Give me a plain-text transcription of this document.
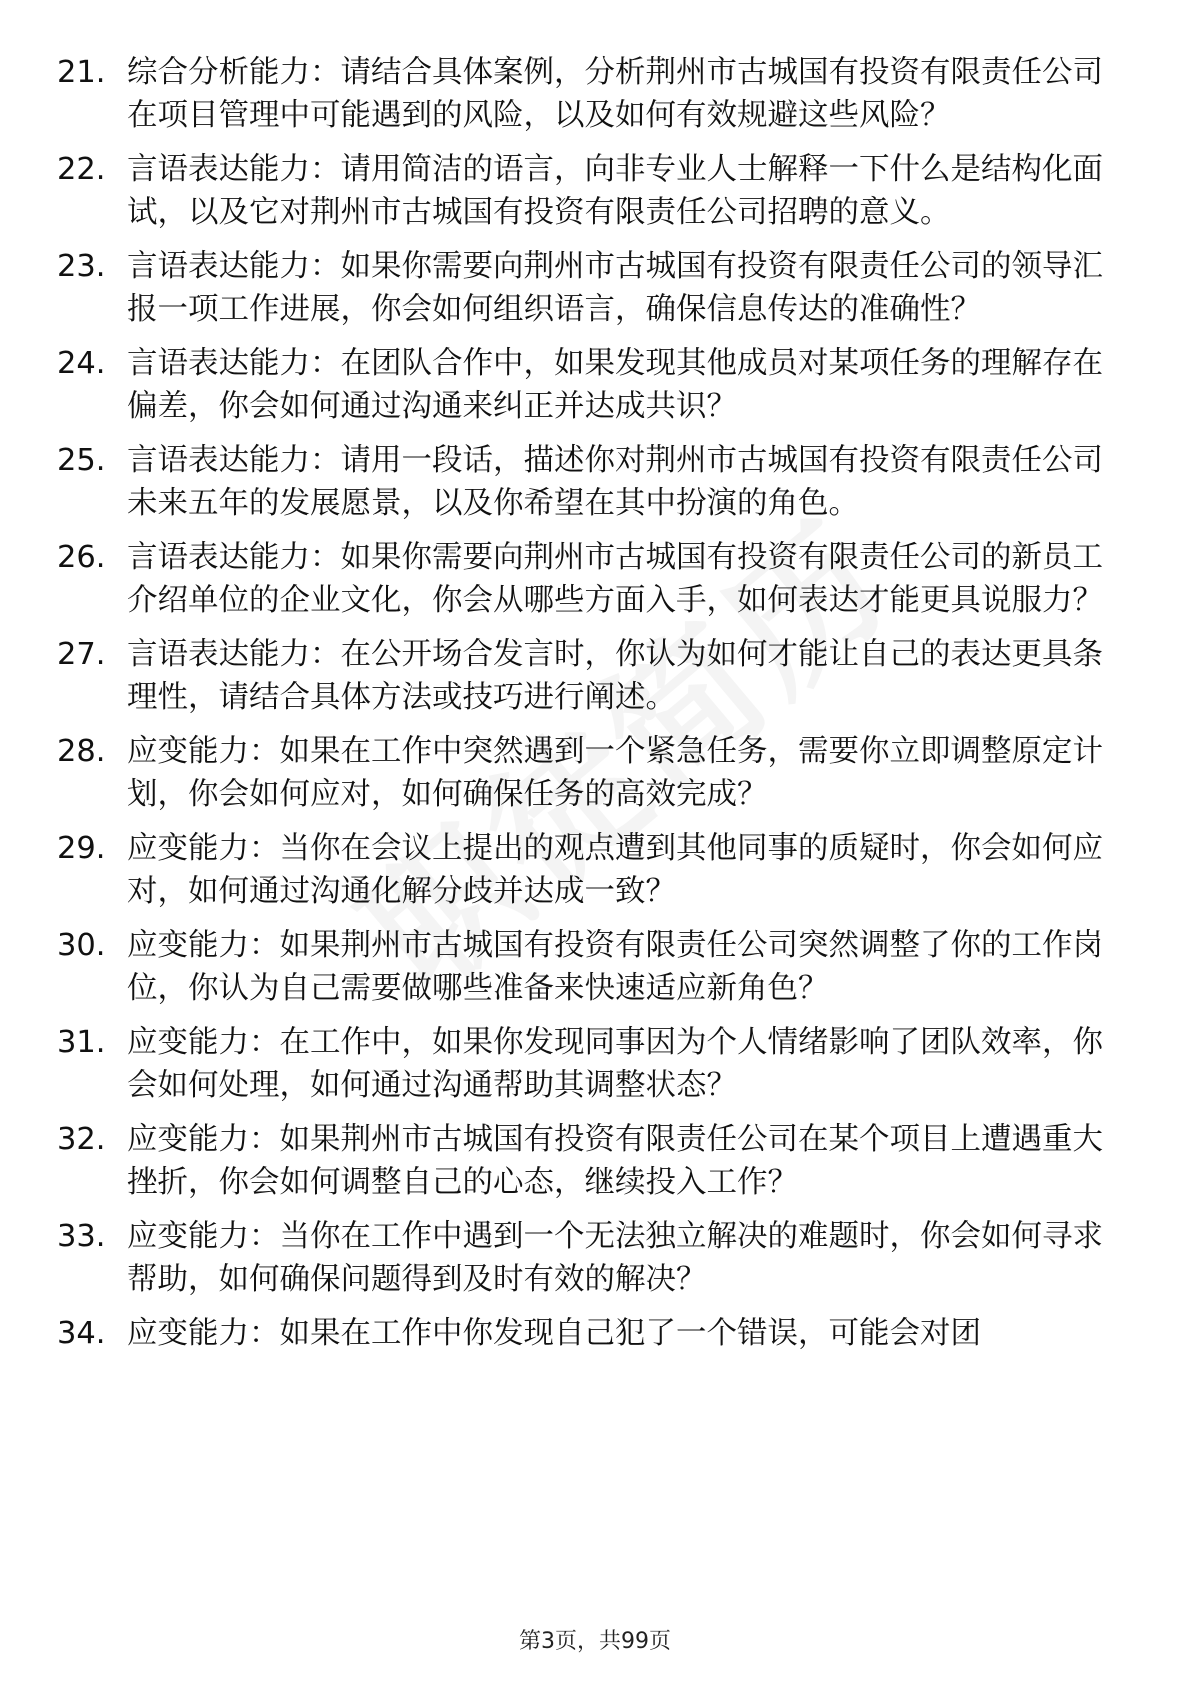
21. 综合分析能力：请结合具体案例，分析荆州市古城国有投资有限责任公司在项目管理中可能遇到的风险，以及如何有效规避这些风险？
22. 言语表达能力：请用简洁的语言，向非专业人士解释一下什么是结构化面试，以及它对荆州市古城国有投资有限责任公司招聘的意义。
23. 言语表达能力：如果你需要向荆州市古城国有投资有限责任公司的领导汇报一项工作进展，你会如何组织语言，确保信息传达的准确性？
24. 言语表达能力：在团队合作中，如果发现其他成员对某项任务的理解存在偏差，你会如何通过沟通来纠正并达成共识？
25. 言语表达能力：请用一段话，描述你对荆州市古城国有投资有限责任公司未来五年的发展愿景，以及你希望在其中扮演的角色。
26. 言语表达能力：如果你需要向荆州市古城国有投资有限责任公司的新员工介绍单位的企业文化，你会从哪些方面入手，如何表达才能更具说服力？
27. 言语表达能力：在公开场合发言时，你认为如何才能让自己的表达更具条理性，请结合具体方法或技巧进行阐述。
28. 应变能力：如果在工作中突然遇到一个紧急任务，需要你立即调整原定计划，你会如何应对，如何确保任务的高效完成？
29. 应变能力：当你在会议上提出的观点遭到其他同事的质疑时，你会如何应对，如何通过沟通化解分歧并达成一致？
30. 应变能力：如果荆州市古城国有投资有限责任公司突然调整了你的工作岗位，你认为自己需要做哪些准备来快速适应新角色？
31. 应变能力：在工作中，如果你发现同事因为个人情绪影响了团队效率，你会如何处理，如何通过沟通帮助其调整状态？
32. 应变能力：如果荆州市古城国有投资有限责任公司在某个项目上遭遇重大挫折，你会如何调整自己的心态，继续投入工作？
33. 应变能力：当你在工作中遇到一个无法独立解决的难题时，你会如何寻求帮助，如何确保问题得到及时有效的解决？
34. 应变能力：如果在工作中你发现自己犯了一个错误，可能会对团
第3页，共99页
